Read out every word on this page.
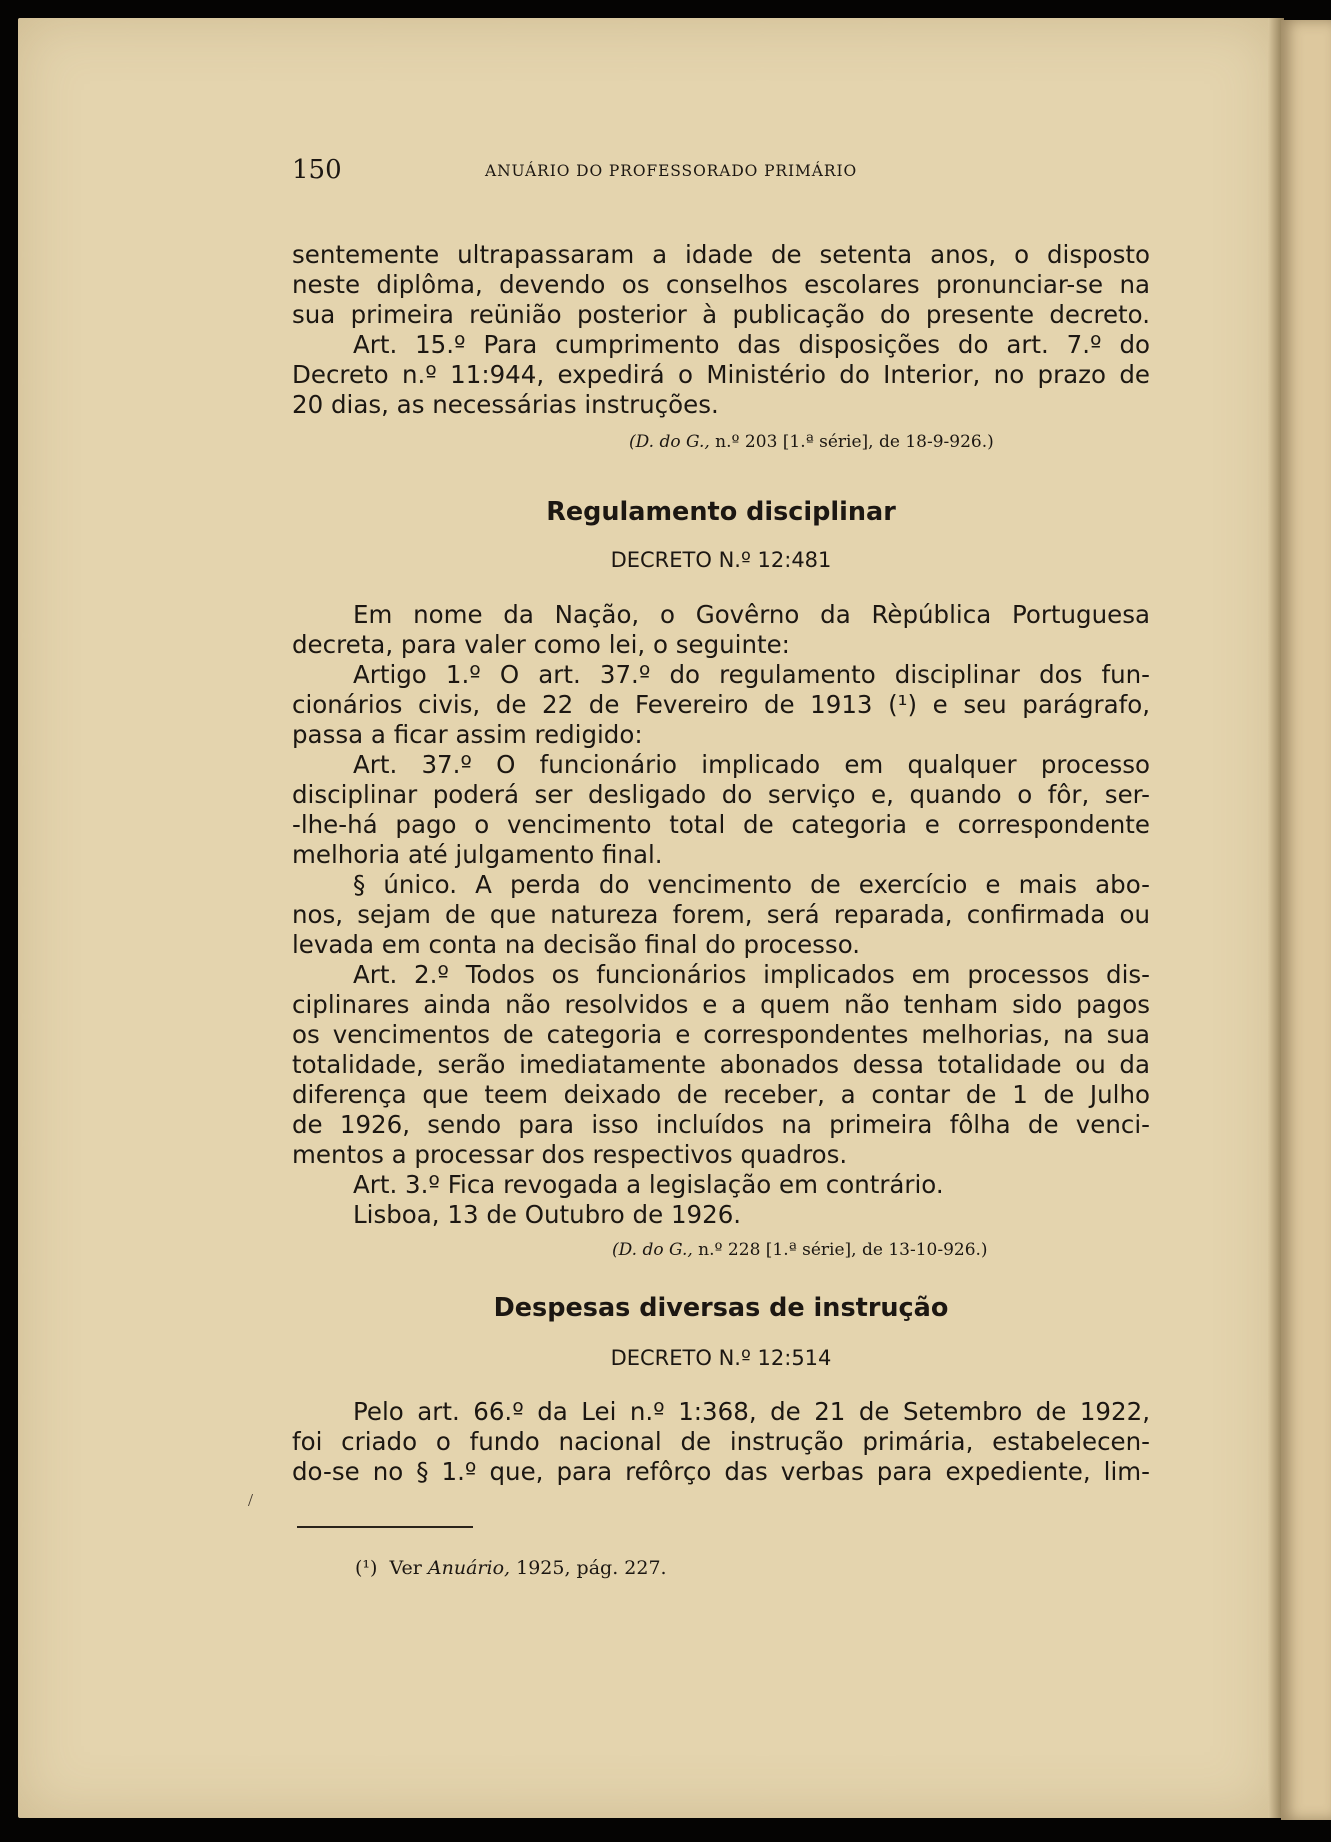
150	ANUÁRIO DO PROFESSORADO PRIMÁRIO
sentemente ultrapassaram a idade de setenta anos, o disposto
neste diplôma, devendo os conselhos escolares pronunciar-se na
sua primeira reünião posterior à publicação do presente decreto.
Art. 15.º Para cumprimento das disposições do art. 7.º do
Decreto n.º 11:944, expedirá o Ministério do Interior, no prazo de
20 dias, as necessárias instruções.
(D. do G., n.º 203 [1.ª série], de 18-9-926.)
Regulamento disciplinar
DECRETO N.º 12:481
Em nome da Nação, o Govêrno da Rèpública Portuguesa
decreta, para valer como lei, o seguinte:
Artigo 1.º O art. 37.º do regulamento disciplinar dos fun-
cionários civis, de 22 de Fevereiro de 1913 (¹) e seu parágrafo,
passa a ficar assim redigido:
Art. 37.º O funcionário implicado em qualquer processo
disciplinar poderá ser desligado do serviço e, quando o fôr, ser-
-lhe-há pago o vencimento total de categoria e correspondente
melhoria até julgamento final.
§ único. A perda do vencimento de exercício e mais abo-
nos, sejam de que natureza forem, será reparada, confirmada ou
levada em conta na decisão final do processo.
Art. 2.º Todos os funcionários implicados em processos dis-
ciplinares ainda não resolvidos e a quem não tenham sido pagos
os vencimentos de categoria e correspondentes melhorias, na sua
totalidade, serão imediatamente abonados dessa totalidade ou da
diferença que teem deixado de receber, a contar de 1 de Julho
de 1926, sendo para isso incluídos na primeira fôlha de venci-
mentos a processar dos respectivos quadros.
Art. 3.º Fica revogada a legislação em contrário.
Lisboa, 13 de Outubro de 1926.
(D. do G., n.º 228 [1.ª série], de 13-10-926.)
Despesas diversas de instrução
DECRETO N.º 12:514
Pelo art. 66.º da Lei n.º 1:368, de 21 de Setembro de 1922,
foi criado o fundo nacional de instrução primária, estabelecen-
do-se no § 1.º que, para refôrço das verbas para expediente, lim-
(¹) Ver Anuário, 1925, pág. 227.
/
